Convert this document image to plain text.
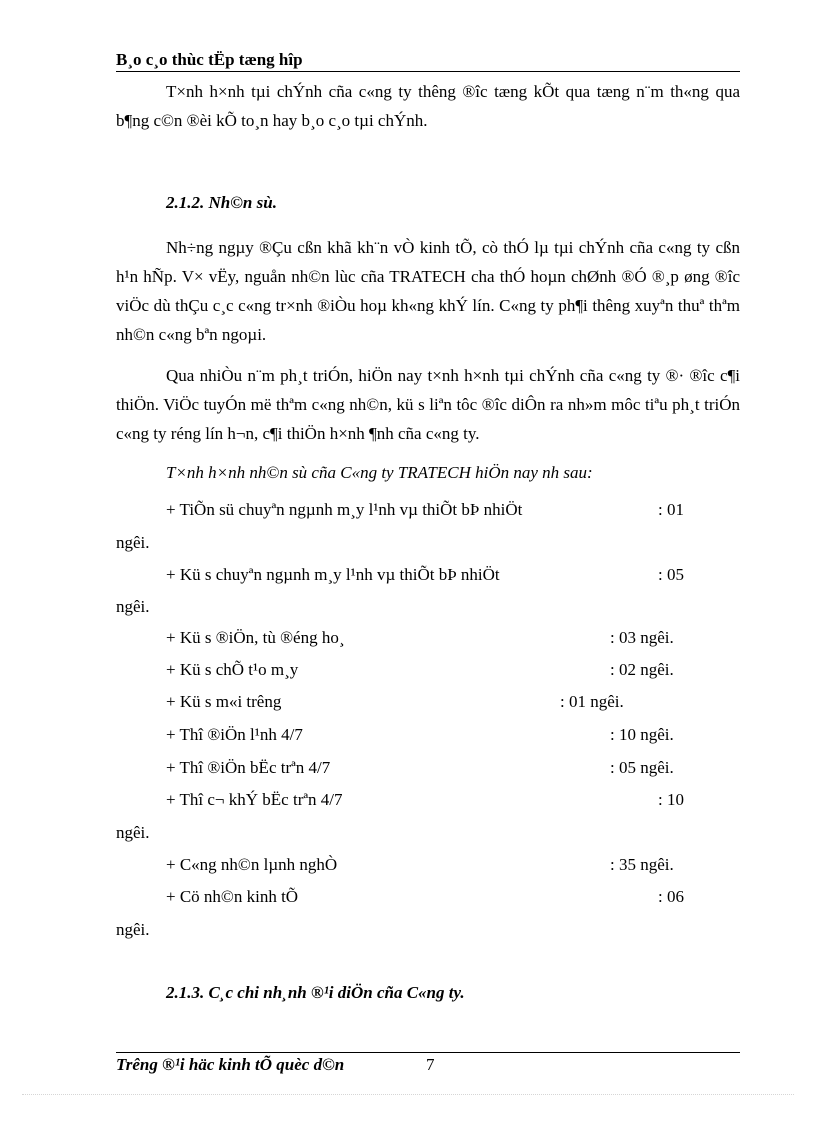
B¸o c¸o thùc tËp tæng hîp
T×nh h×nh tµi chÝnh cña c«ng ty thêng ®îc tæng kÕt qua tæng n¨m th«ng qua b¶ng c©n ®èi kÕ to¸n hay b¸o c¸o tµi chÝnh.
2.1.2. Nh©n sù.
Nh÷ng ngµy ®Çu cßn khã kh¨n vÒ kinh tÕ, cò thÓ lµ tµi chÝnh cña c«ng ty cßn h¹n hÑp. V× vËy, nguån nh©n lùc cña TRATECH cha thÓ hoµn chØnh ®Ó ®¸p øng ®îc viÖc dù thÇu c¸c c«ng tr×nh ®iÒu hoµ kh«ng khÝ lín. C«ng ty ph¶i thêng xuyªn thuª thªm nh©n c«ng bªn ngoµi.
Qua nhiÒu n¨m ph¸t triÓn, hiÖn nay t×nh h×nh tµi chÝnh cña c«ng ty ®· ®îc c¶i thiÖn. ViÖc tuyÓn më thªm c«ng nh©n, kü s liªn tôc ®îc diÔn ra nh»m môc tiªu ph¸t triÓn c«ng ty réng lín h¬n, c¶i thiÖn h×nh ¶nh cña c«ng ty.
T×nh h×nh nh©n sù cña C«ng ty TRATECH hiÖn nay nh sau:
+ TiÕn sü chuyªn ngµnh m¸y l¹nh vµ thiÕt bÞ nhiÖt	: 01
ngêi.
+ Kü s chuyªn ngµnh m¸y l¹nh vµ thiÕt bÞ nhiÖt	: 05
ngêi.
+ Kü s ®iÖn, tù ®éng ho¸	: 03 ngêi.
+ Kü s chÕ t¹o m¸y	: 02 ngêi.
+ Kü s m«i trêng	: 01 ngêi.
+ Thî ®iÖn l¹nh 4/7	: 10 ngêi.
+ Thî ®iÖn bËc trªn 4/7	: 05 ngêi.
+ Thî c¬ khÝ bËc trªn 4/7	: 10
ngêi.
+ C«ng nh©n lµnh nghÒ	: 35 ngêi.
+ Cö nh©n kinh tÕ	: 06
ngêi.
2.1.3. C¸c chi nh¸nh ®¹i diÖn cña C«ng ty.
Trêng ®¹i häc kinh tÕ quèc d©n	7
